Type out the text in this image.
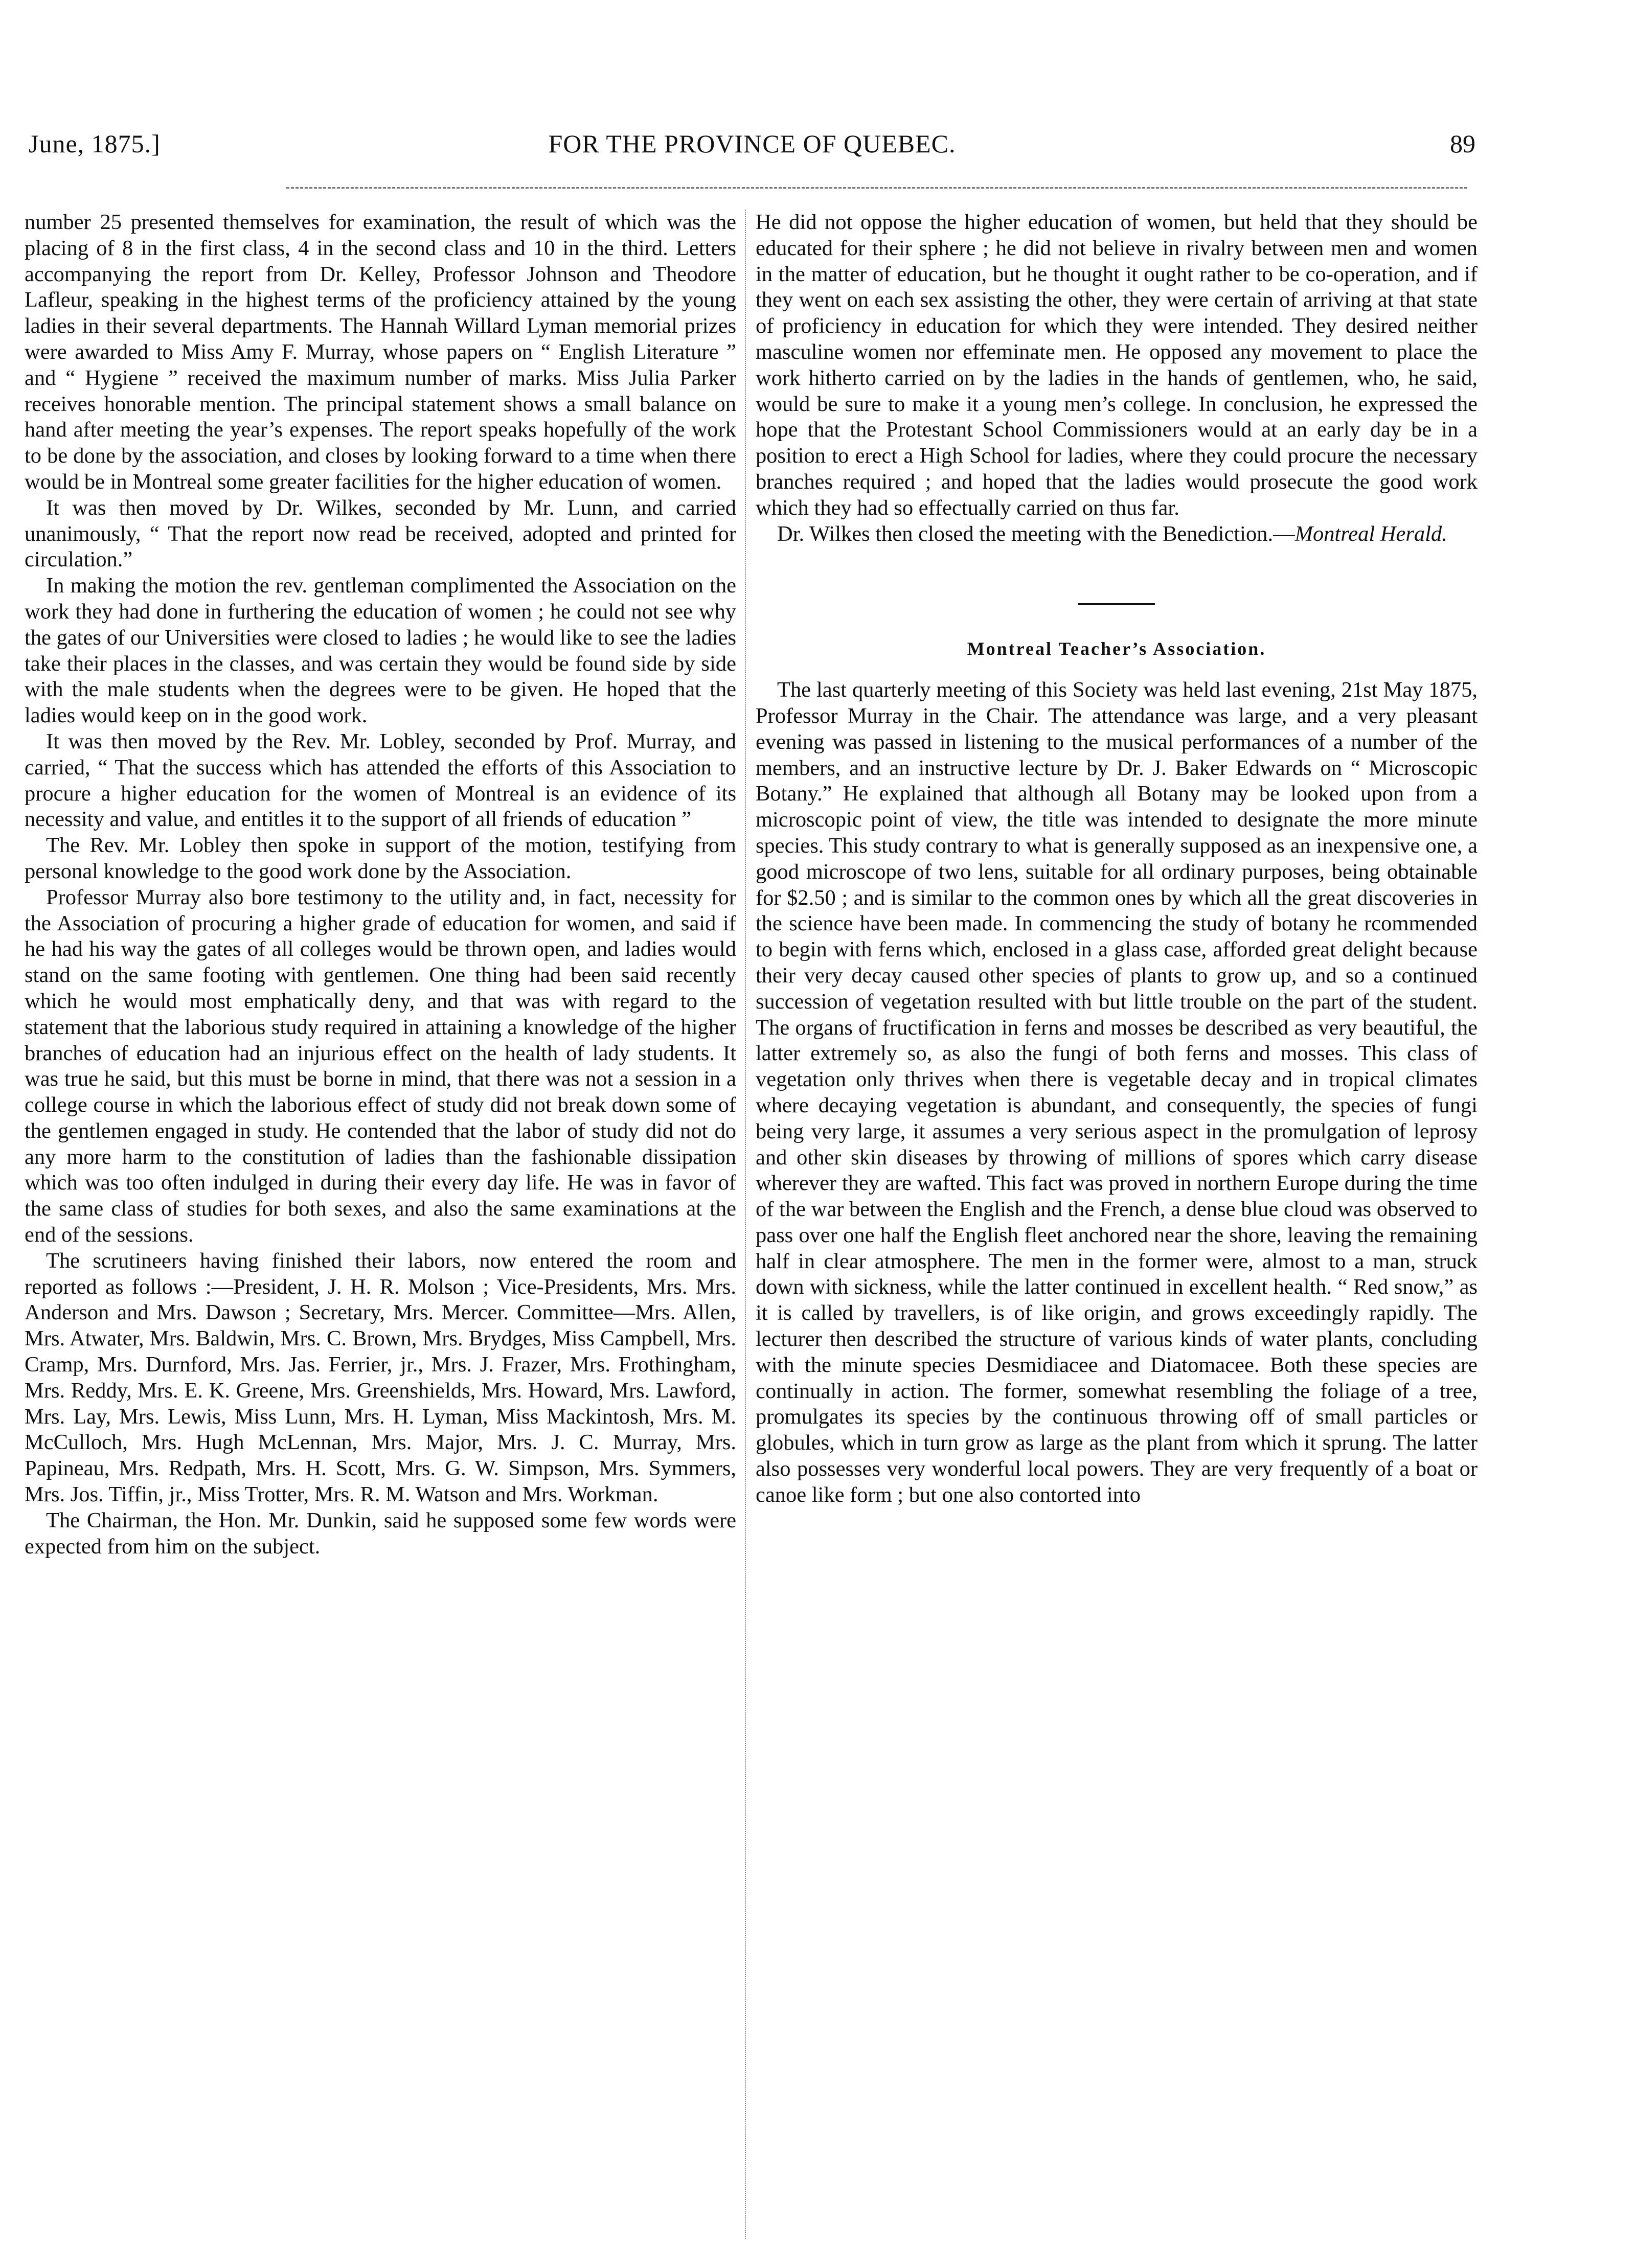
June, 1875.]	FOR THE PROVINCE OF QUEBEC.	89

number 25 presented themselves for examination, the result of which was the placing of 8 in the first class, 4 in the second class and 10 in the third. Letters accompanying the report from Dr. Kelley, Professor Johnson and Theodore Lafleur, speaking in the highest terms of the proficiency attained by the young ladies in their several departments. The Hannah Willard Lyman memorial prizes were awarded to Miss Amy F. Murray, whose papers on “ English Literature ” and “ Hygiene ” received the maximum number of marks. Miss Julia Parker receives honorable mention. The principal statement shows a small balance on hand after meeting the year’s expenses. The report speaks hopefully of the work to be done by the association, and closes by looking forward to a time when there would be in Montreal some greater facilities for the higher education of women.

It was then moved by Dr. Wilkes, seconded by Mr. Lunn, and carried unanimously, “ That the report now read be received, adopted and printed for circulation.”

In making the motion the rev. gentleman complimented the Association on the work they had done in furthering the education of women ; he could not see why the gates of our Universities were closed to ladies ; he would like to see the ladies take their places in the classes, and was certain they would be found side by side with the male students when the degrees were to be given. He hoped that the ladies would keep on in the good work.

It was then moved by the Rev. Mr. Lobley, seconded by Prof. Murray, and carried, “ That the success which has attended the efforts of this Association to procure a higher education for the women of Montreal is an evidence of its necessity and value, and entitles it to the support of all friends of education ”

The Rev. Mr. Lobley then spoke in support of the motion, testifying from personal knowledge to the good work done by the Association.

Professor Murray also bore testimony to the utility and, in fact, necessity for the Association of procuring a higher grade of education for women, and said if he had his way the gates of all colleges would be thrown open, and ladies would stand on the same footing with gentlemen. One thing had been said recently which he would most emphatically deny, and that was with regard to the statement that the laborious study required in attaining a knowledge of the higher branches of education had an injurious effect on the health of lady students. It was true he said, but this must be borne in mind, that there was not a session in a college course in which the laborious effect of study did not break down some of the gentlemen engaged in study. He contended that the labor of study did not do any more harm to the constitution of ladies than the fashionable dissipation which was too often indulged in during their every day life. He was in favor of the same class of studies for both sexes, and also the same examinations at the end of the sessions.

The scrutineers having finished their labors, now entered the room and reported as follows :—President, J. H. R. Molson ; Vice-Presidents, Mrs. Mrs. Anderson and Mrs. Dawson ; Secretary, Mrs. Mercer. Committee—Mrs. Allen, Mrs. Atwater, Mrs. Baldwin, Mrs. C. Brown, Mrs. Brydges, Miss Campbell, Mrs. Cramp, Mrs. Durnford, Mrs. Jas. Ferrier, jr., Mrs. J. Frazer, Mrs. Frothingham, Mrs. Reddy, Mrs. E. K. Greene, Mrs. Greenshields, Mrs. Howard, Mrs. Lawford, Mrs. Lay, Mrs. Lewis, Miss Lunn, Mrs. H. Lyman, Miss Mackintosh, Mrs. M. McCulloch, Mrs. Hugh McLennan, Mrs. Major, Mrs. J. C. Murray, Mrs. Papineau, Mrs. Redpath, Mrs. H. Scott, Mrs. G. W. Simpson, Mrs. Symmers, Mrs. Jos. Tiffin, jr., Miss Trotter, Mrs. R. M. Watson and Mrs. Workman.

The Chairman, the Hon. Mr. Dunkin, said he supposed some few words were expected from him on the subject.

He did not oppose the higher education of women, but held that they should be educated for their sphere ; he did not believe in rivalry between men and women in the matter of education, but he thought it ought rather to be co-operation, and if they went on each sex assisting the other, they were certain of arriving at that state of proficiency in education for which they were intended. They desired neither masculine women nor effeminate men. He opposed any movement to place the work hitherto carried on by the ladies in the hands of gentlemen, who, he said, would be sure to make it a young men’s college. In conclusion, he expressed the hope that the Protestant School Commissioners would at an early day be in a position to erect a High School for ladies, where they could procure the necessary branches required ; and hoped that the ladies would prosecute the good work which they had so effectually carried on thus far.

Dr. Wilkes then closed the meeting with the Benediction.—Montreal Herald.

Montreal Teacher’s Association.

The last quarterly meeting of this Society was held last evening, 21st May 1875, Professor Murray in the Chair. The attendance was large, and a very pleasant evening was passed in listening to the musical performances of a number of the members, and an instructive lecture by Dr. J. Baker Edwards on “ Microscopic Botany.” He explained that although all Botany may be looked upon from a microscopic point of view, the title was intended to designate the more minute species. This study contrary to what is generally supposed as an inexpensive one, a good microscope of two lens, suitable for all ordinary purposes, being obtainable for $2.50 ; and is similar to the common ones by which all the great discoveries in the science have been made. In commencing the study of botany he rcommended to begin with ferns which, enclosed in a glass case, afforded great delight because their very decay caused other species of plants to grow up, and so a continued succession of vegetation resulted with but little trouble on the part of the student. The organs of fructification in ferns and mosses be described as very beautiful, the latter extremely so, as also the fungi of both ferns and mosses. This class of vegetation only thrives when there is vegetable decay and in tropical climates where decaying vegetation is abundant, and consequently, the species of fungi being very large, it assumes a very serious aspect in the promulgation of leprosy and other skin diseases by throwing of millions of spores which carry disease wherever they are wafted. This fact was proved in northern Europe during the time of the war between the English and the French, a dense blue cloud was observed to pass over one half the English fleet anchored near the shore, leaving the remaining half in clear atmosphere. The men in the former were, almost to a man, struck down with sickness, while the latter continued in excellent health. “ Red snow,” as it is called by travellers, is of like origin, and grows exceedingly rapidly. The lecturer then described the structure of various kinds of water plants, concluding with the minute species Desmidiacee and Diatomacee. Both these species are continually in action. The former, somewhat resembling the foliage of a tree, promulgates its species by the continuous throwing off of small particles or globules, which in turn grow as large as the plant from which it sprung. The latter also possesses very wonderful local powers. They are very frequently of a boat or canoe like form ; but one also contorted into
